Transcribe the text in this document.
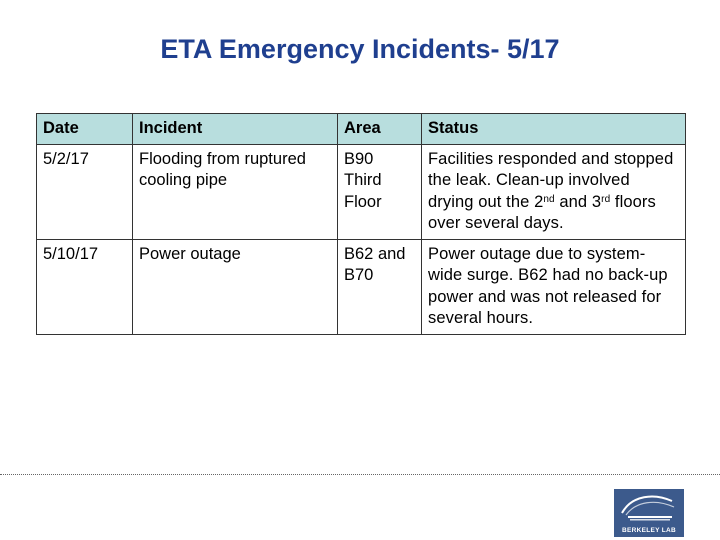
ETA Emergency Incidents- 5/17
Date	Incident	Area	Status
5/2/17	Flooding from ruptured cooling pipe	B90 Third Floor	Facilities responded and stopped the leak. Clean-up involved drying out the 2nd and 3rd floors over several days.
5/10/17	Power outage	B62 and B70	Power outage due to system-wide surge. B62 had no back-up power and was not released for several hours.
BERKELEY LAB
